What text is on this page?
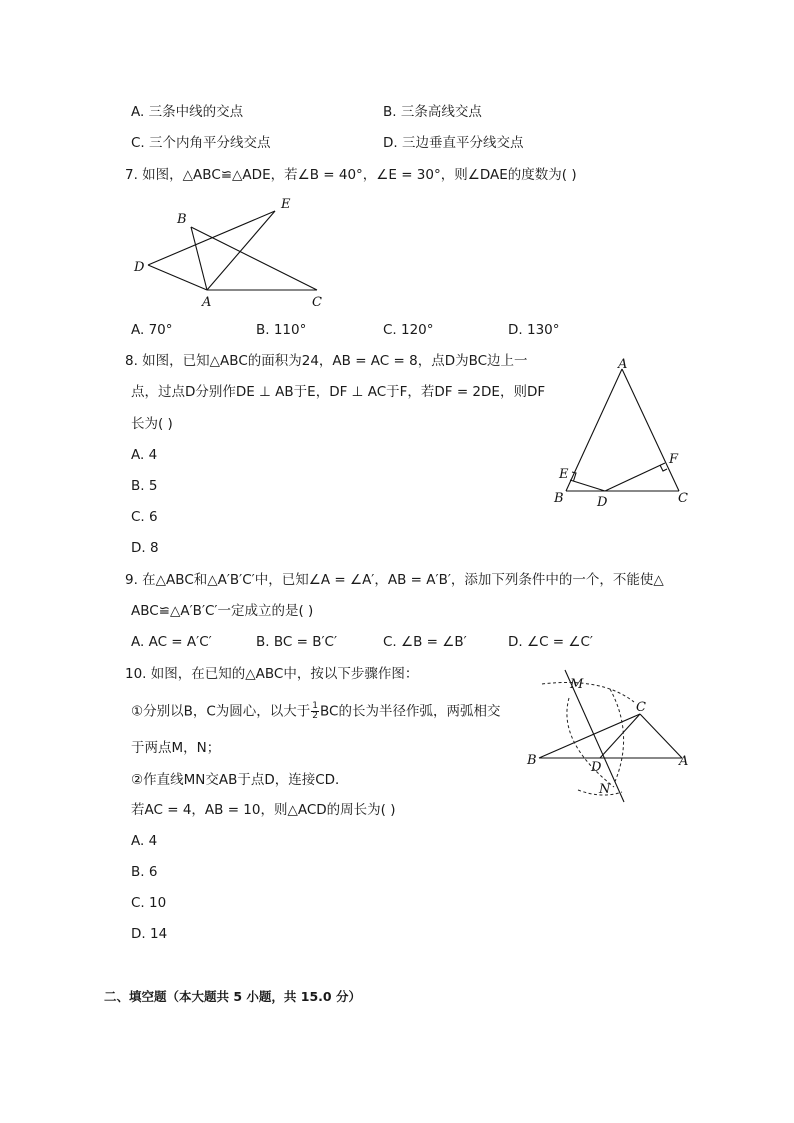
A. 三条中线的交点	B. 三条高线交点
C. 三个内角平分线交点	D. 三边垂直平分线交点
7. 如图，△ABC≌△ADE，若∠B = 40°，∠E = 30°，则∠DAE的度数为( )
B
E
D
A	C
A. 70°	B. 110°	C. 120°	D. 130°
8. 如图，已知△ABC的面积为24，AB = AC = 8，点D为BC边上一
点，过点D分别作DE ⊥ AB于E，DF ⊥ AC于F，若DF = 2DE，则DF
长为( )
A
E
F
B	D	C
A. 4
B. 5
C. 6
D. 8
9. 在△ABC和△A′B′C′中，已知∠A = ∠A′，AB = A′B′，添加下列条件中的一个，不能使△
ABC≌△A′B′C′一定成立的是( )
A. AC = A′C′	B. BC = B′C′	C. ∠B = ∠B′	D. ∠C = ∠C′
10. 如图，在已知的△ABC中，按以下步骤作图：
①分别以B，C为圆心，以大于 $\frac{1}{2}$ BC的长为半径作弧，两弧相交
于两点M，N；
②作直线MN交AB于点D，连接CD．
若AC = 4，AB = 10，则△ACD的周长为( )
M
C
B	D	A
N
A. 4
B. 6
C. 10
D. 14
二、填空题（本大题共 5 小题，共 15.0 分）
